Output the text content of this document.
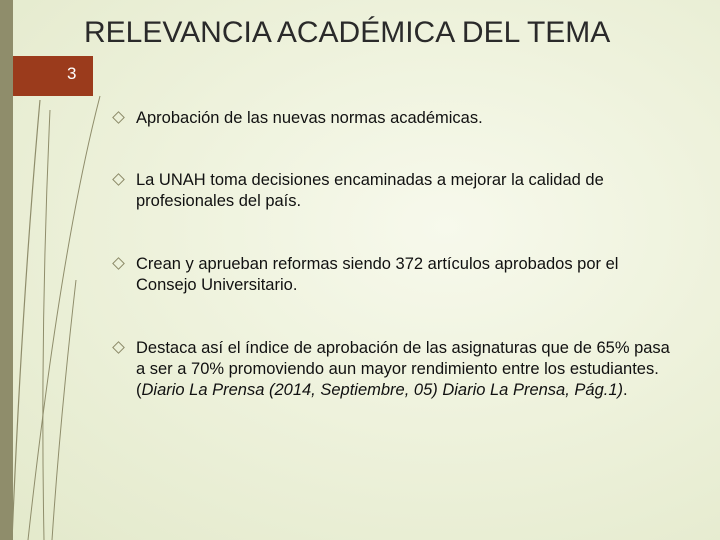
RELEVANCIA ACADÉMICA DEL TEMA
3
Aprobación de las nuevas normas académicas.
La UNAH toma decisiones encaminadas a mejorar la calidad de profesionales del país.
Crean y aprueban reformas siendo 372 artículos aprobados por el Consejo Universitario.
Destaca así el índice de aprobación de las asignaturas que de 65% pasa a ser a 70% promoviendo aun mayor rendimiento entre los estudiantes. (Diario La Prensa (2014, Septiembre, 05) Diario La Prensa, Pág.1).
